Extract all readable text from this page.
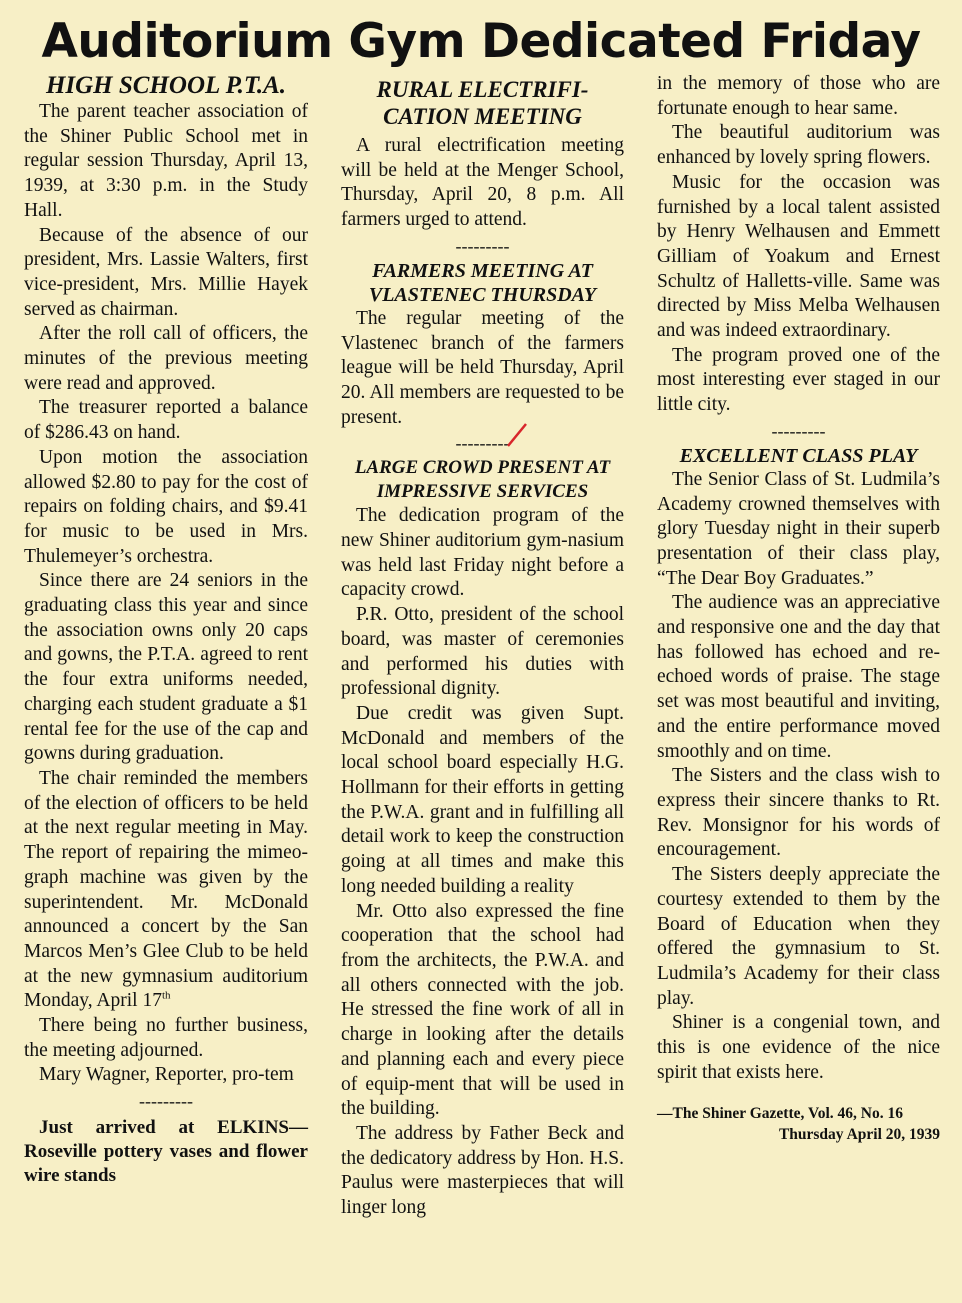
Auditorium Gym Dedicated Friday
HIGH SCHOOL P.T.A.

The parent teacher association of the Shiner Public School met in regular session Thursday, April 13, 1939, at 3:30 p.m. in the Study Hall.

Because of the absence of our president, Mrs. Lassie Walters, first vice-president, Mrs. Millie Hayek served as chairman.

After the roll call of officers, the minutes of the previous meeting were read and approved.

The treasurer reported a balance of $286.43 on hand.

Upon motion the association allowed $2.80 to pay for the cost of repairs on folding chairs, and $9.41 for music to be used in Mrs. Thulemeyer’s orchestra.

Since there are 24 seniors in the graduating class this year and since the association owns only 20 caps and gowns, the P.T.A. agreed to rent the four extra uniforms needed, charging each student graduate a $1 rental fee for the use of the cap and gowns during graduation.

The chair reminded the members of the election of officers to be held at the next regular meeting in May. The report of repairing the mimeo-graph machine was given by the superintendent. Mr. McDonald announced a concert by the San Marcos Men’s Glee Club to be held at the new gymnasium auditorium Monday, April 17th

There being no further business, the meeting adjourned.

Mary Wagner, Reporter, pro-tem

---------
Just arrived at ELKINS—Roseville pottery vases and flower wire stands
RURAL ELECTRIFI-CATION MEETING

A rural electrification meeting will be held at the Menger School, Thursday, April 20, 8 p.m. All farmers urged to attend.

---------
FARMERS MEETING AT VLASTENEC THURSDAY

The regular meeting of the Vlastenec branch of the farmers league will be held Thursday, April 20. All members are requested to be present.

---------
LARGE CROWD PRESENT AT IMPRESSIVE SERVICES

The dedication program of the new Shiner auditorium gym-nasium was held last Friday night before a capacity crowd.

P.R. Otto, president of the school board, was master of ceremonies and performed his duties with professional dignity.

Due credit was given Supt. McDonald and members of the local school board especially H.G. Hollmann for their efforts in getting the P.W.A. grant and in fulfilling all detail work to keep the construction going at all times and make this long needed building a reality

Mr. Otto also expressed the fine cooperation that the school had from the architects, the P.W.A. and all others connected with the job. He stressed the fine work of all in charge in looking after the details and planning each and every piece of equip-ment that will be used in the building.

The address by Father Beck and the dedicatory address by Hon. H.S. Paulus were masterpieces that will linger long

in the memory of those who are fortunate enough to hear same.

The beautiful auditorium was enhanced by lovely spring flowers.

Music for the occasion was furnished by a local talent assisted by Henry Welhausen and Emmett Gilliam of Yoakum and Ernest Schultz of Halletts-ville. Same was directed by Miss Melba Welhausen and was indeed extraordinary.

The program proved one of the most interesting ever staged in our little city.

---------
EXCELLENT CLASS PLAY

The Senior Class of St. Ludmila’s Academy crowned themselves with glory Tuesday night in their superb presentation of their class play, “The Dear Boy Graduates.”

The audience was an appreciative and responsive one and the day that has followed has echoed and re-echoed words of praise. The stage set was most beautiful and inviting, and the entire performance moved smoothly and on time.

The Sisters and the class wish to express their sincere thanks to Rt. Rev. Monsignor for his words of encouragement.

The Sisters deeply appreciate the courtesy extended to them by the Board of Education when they offered the gymnasium to St. Ludmila’s Academy for their class play.

Shiner is a congenial town, and this is one evidence of the nice spirit that exists here.

—The Shiner Gazette, Vol. 46, No. 16
Thursday April 20, 1939
